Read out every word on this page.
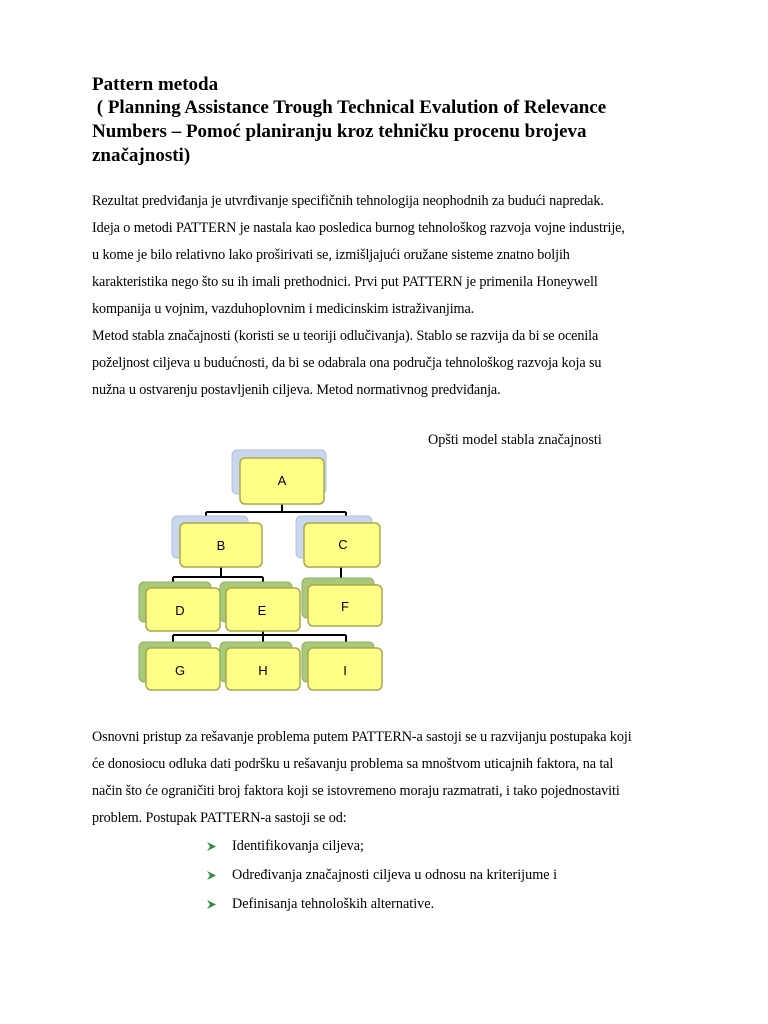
Pattern metoda
( Planning Assistance Trough Technical Evalution of Relevance
Numbers – Pomoć planiranju kroz tehničku procenu brojeva
značajnosti)

Rezultat predviđanja je utvrđivanje specifičnih tehnologija neophodnih za budući napredak.

Ideja o metodi PATTERN je nastala kao posledica burnog tehnološkog razvoja vojne industrije,

u kome je bilo relativno lako proširivati se, izmišljajući oružane sisteme znatno boljih

karakteristika nego što su ih imali prethodnici. Prvi put PATTERN je primenila Honeywell

kompanija u vojnim, vazduhoplovnim i medicinskim istraživanjima.

Metod stabla značajnosti (koristi se u teoriji odlučivanja). Stablo se razvija da bi se ocenila

poželjnost ciljeva u budućnosti, da bi se odabrala ona područja tehnološkog razvoja koja su

nužna u ostvarenju postavljenih ciljeva. Metod normativnog predviđanja.

Opšti model stabla značajnosti
A
B	C
D	E	F
G	H	I

Osnovni pristup za rešavanje problema putem PATTERN-a sastoji se u razvijanju postupaka koji

će donosiocu odluka dati podršku u rešavanju problema sa mnoštvom uticajnih faktora, na tal

način što će ograničiti broj faktora koji se istovremeno moraju razmatrati, i tako pojednostaviti

problem. Postupak PATTERN-a sastoji se od:

Identifikovanja ciljeva;
Određivanja značajnosti ciljeva u odnosu na kriterijume i
Definisanja tehnoloških alternative.
